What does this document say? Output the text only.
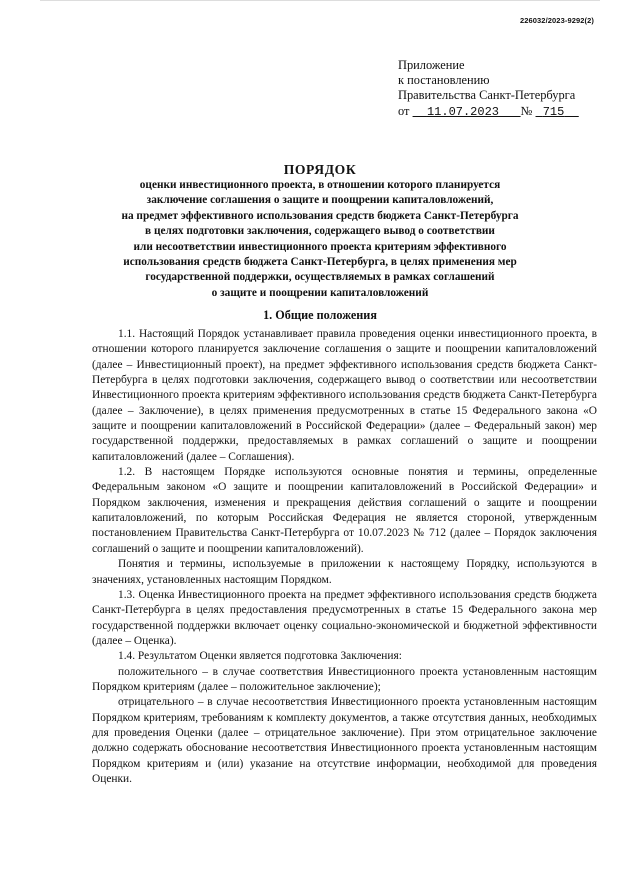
226032/2023-9292(2)
Приложение
к постановлению
Правительства Санкт-Петербурга
от 11.07.2023 № 715
ПОРЯДОК
оценки инвестиционного проекта, в отношении которого планируется
заключение соглашения о защите и поощрении капиталовложений,
на предмет эффективного использования средств бюджета Санкт-Петербурга
в целях подготовки заключения, содержащего вывод о соответствии
или несоответствии инвестиционного проекта критериям эффективного
использования средств бюджета Санкт-Петербурга, в целях применения мер
государственной поддержки, осуществляемых в рамках соглашений
о защите и поощрении капиталовложений
1. Общие положения

1.1. Настоящий Порядок устанавливает правила проведения оценки инвестиционного проекта, в отношении которого планируется заключение соглашения о защите и поощрении капиталовложений (далее – Инвестиционный проект), на предмет эффективного использования средств бюджета Санкт-Петербурга в целях подготовки заключения, содержащего вывод о соответствии или несоответствии Инвестиционного проекта критериям эффективного использования средств бюджета Санкт-Петербурга (далее – Заключение), в целях применения предусмотренных в статье 15 Федерального закона «О защите и поощрении капиталовложений в Российской Федерации» (далее – Федеральный закон) мер государственной поддержки, предоставляемых в рамках соглашений о защите и поощрении капиталовложений (далее – Соглашения).

1.2. В настоящем Порядке используются основные понятия и термины, определенные Федеральным законом «О защите и поощрении капиталовложений в Российской Федерации» и Порядком заключения, изменения и прекращения действия соглашений о защите и поощрении капиталовложений, по которым Российская Федерация не является стороной, утвержденным постановлением Правительства Санкт-Петербурга от 10.07.2023 № 712 (далее – Порядок заключения соглашений о защите и поощрении капиталовложений).

Понятия и термины, используемые в приложении к настоящему Порядку, используются в значениях, установленных настоящим Порядком.

1.3. Оценка Инвестиционного проекта на предмет эффективного использования средств бюджета Санкт-Петербурга в целях предоставления предусмотренных в статье 15 Федерального закона мер государственной поддержки включает оценку социально-экономической и бюджетной эффективности (далее – Оценка).

1.4. Результатом Оценки является подготовка Заключения:

положительного – в случае соответствия Инвестиционного проекта установленным настоящим Порядком критериям (далее – положительное заключение);

отрицательного – в случае несоответствия Инвестиционного проекта установленным настоящим Порядком критериям, требованиям к комплекту документов, а также отсутствия данных, необходимых для проведения Оценки (далее – отрицательное заключение). При этом отрицательное заключение должно содержать обоснование несоответствия Инвестиционного проекта установленным настоящим Порядком критериям и (или) указание на отсутствие информации, необходимой для проведения Оценки.
